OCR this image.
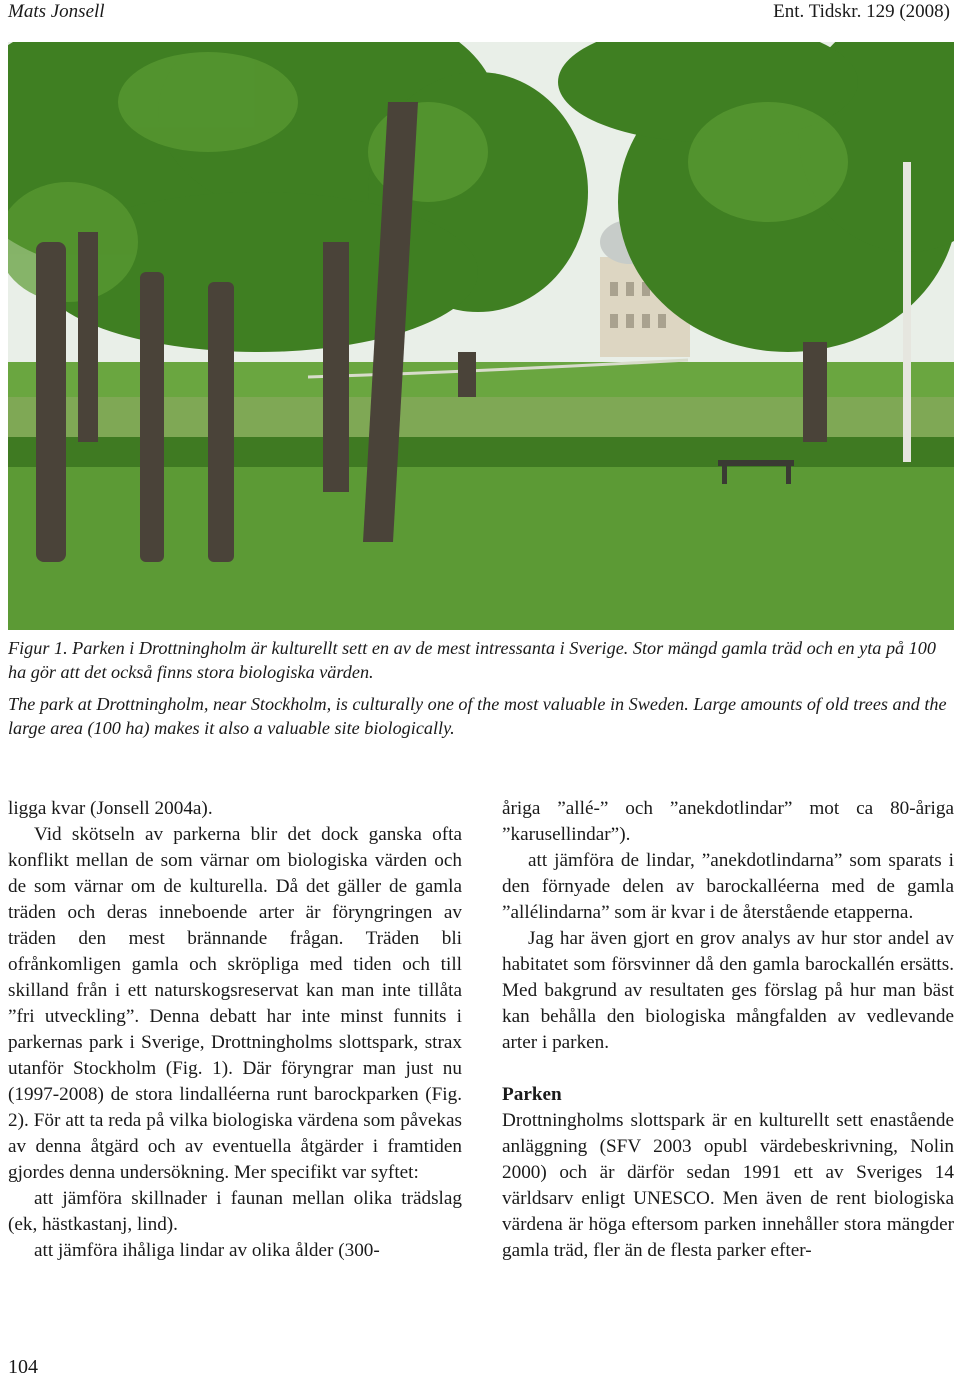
Mats Jonsell	Ent. Tidskr. 129 (2008)

Figur 1. Parken i Drottningholm är kulturellt sett en av de mest intressanta i Sverige. Stor mängd gamla träd och en yta på 100 ha gör att det också finns stora biologiska värden.

The park at Drottningholm, near Stockholm, is culturally one of the most valuable in Sweden. Large amounts of old trees and the large area (100 ha) makes it also a valuable site biologically.

ligga kvar (Jonsell 2004a).

Vid skötseln av parkerna blir det dock ganska ofta konflikt mellan de som värnar om biologiska värden och de som värnar om de kulturella. Då det gäller de gamla träden och deras inneboende arter är föryngringen av träden den mest brännande frågan. Träden bli ofrånkomligen gamla och skröpliga med tiden och till skilland från i ett naturskogsreservat kan man inte tillåta ”fri utveckling”. Denna debatt har inte minst funnits i parkernas park i Sverige, Drottningholms slottspark, strax utanför Stockholm (Fig. 1). Där föryngrar man just nu (1997-2008) de stora lindalléerna runt barockparken (Fig. 2). För att ta reda på vilka biologiska värdena som påvekas av denna åtgärd och av eventuella åtgärder i framtiden gjordes denna undersökning. Mer specifikt var syftet:

att jämföra skillnader i faunan mellan olika trädslag (ek, hästkastanj, lind).

att jämföra ihåliga lindar av olika ålder (300-

åriga ”allé-” och ”anekdotlindar” mot ca 80-åriga ”karusellindar”).

att jämföra de lindar, ”anekdotlindarna” som sparats i den förnyade delen av barockalléerna med de gamla ”allélindarna” som är kvar i de återstående etapperna.

Jag har även gjort en grov analys av hur stor andel av habitatet som försvinner då den gamla barockallén ersätts. Med bakgrund av resultaten ges förslag på hur man bäst kan behålla den biologiska mångfalden av vedlevande arter i parken.

Parken

Drottningholms slottspark är en kulturellt sett enastående anläggning (SFV 2003 opubl värdebeskrivning, Nolin 2000) och är därför sedan 1991 ett av Sveriges 14 världsarv enligt UNESCO. Men även de rent biologiska värdena är höga eftersom parken innehåller stora mängder gamla träd, fler än de flesta parker efter-

104
